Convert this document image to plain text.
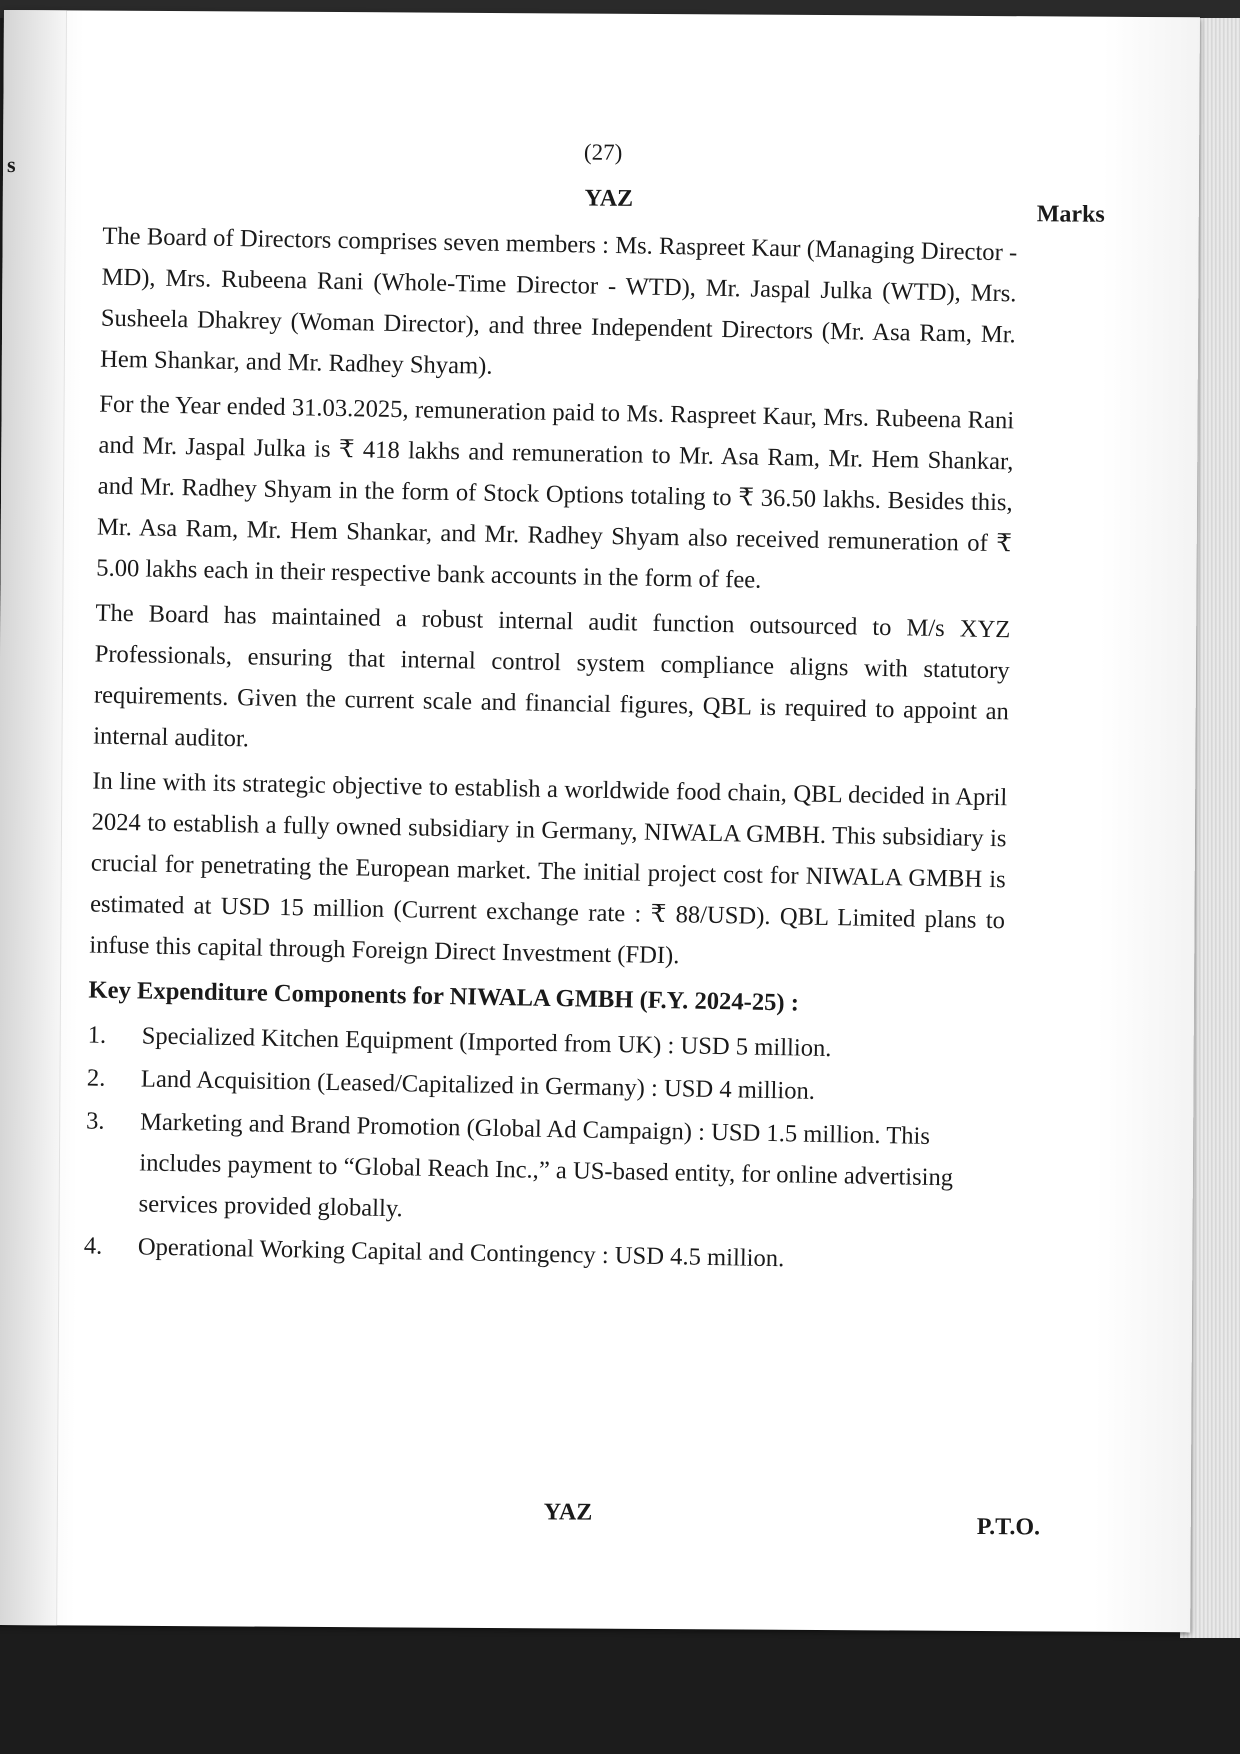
s	(27)
YAZ
Marks

The Board of Directors comprises seven members : Ms. Raspreet Kaur (Managing Director - MD), Mrs. Rubeena Rani (Whole-Time Director - WTD), Mr. Jaspal Julka (WTD), Mrs. Susheela Dhakrey (Woman Director), and three Independent Directors (Mr. Asa Ram, Mr. Hem Shankar, and Mr. Radhey Shyam).

For the Year ended 31.03.2025, remuneration paid to Ms. Raspreet Kaur, Mrs. Rubeena Rani and Mr. Jaspal Julka is ₹ 418 lakhs and remuneration to Mr. Asa Ram, Mr. Hem Shankar, and Mr. Radhey Shyam in the form of Stock Options totaling to ₹ 36.50 lakhs. Besides this, Mr. Asa Ram, Mr. Hem Shankar, and Mr. Radhey Shyam also received remuneration of ₹ 5.00 lakhs each in their respective bank accounts in the form of fee.

The Board has maintained a robust internal audit function outsourced to M/s XYZ Professionals, ensuring that internal control system compliance aligns with statutory requirements. Given the current scale and financial figures, QBL is required to appoint an internal auditor.

In line with its strategic objective to establish a worldwide food chain, QBL decided in April 2024 to establish a fully owned subsidiary in Germany, NIWALA GMBH. This subsidiary is crucial for penetrating the European market. The initial project cost for NIWALA GMBH is estimated at USD 15 million (Current exchange rate : ₹ 88/USD). QBL Limited plans to infuse this capital through Foreign Direct Investment (FDI).

Key Expenditure Components for NIWALA GMBH (F.Y. 2024-25) :

1.	Specialized Kitchen Equipment (Imported from UK) : USD 5 million.
2.	Land Acquisition (Leased/Capitalized in Germany) : USD 4 million.
3.	Marketing and Brand Promotion (Global Ad Campaign) : USD 1.5 million. This includes payment to “Global Reach Inc.,” a US-based entity, for online advertising services provided globally.
4.	Operational Working Capital and Contingency : USD 4.5 million.
YAZ
P.T.O.
